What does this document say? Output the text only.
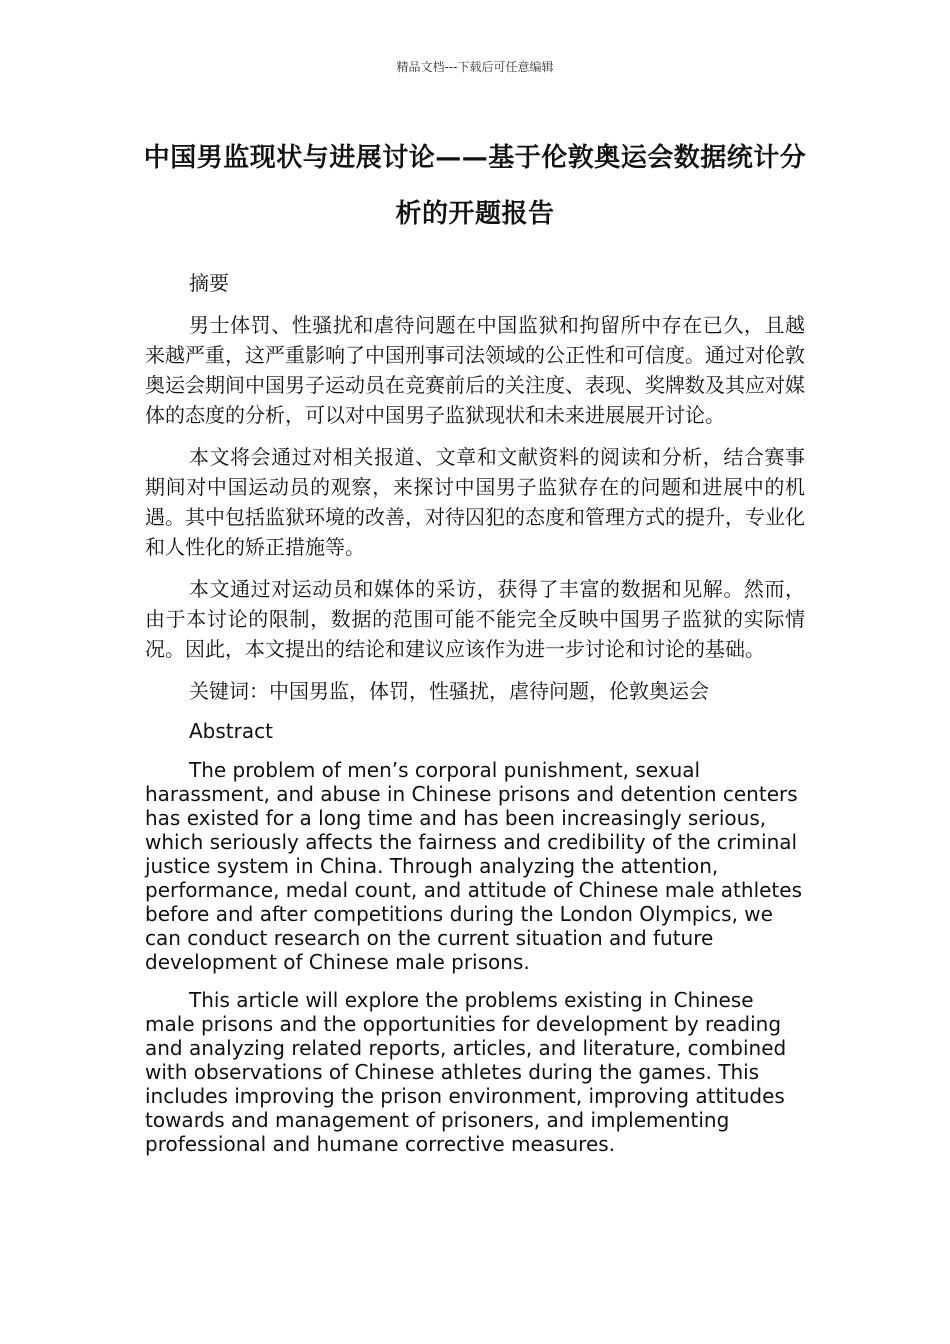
精品文档---下载后可任意编辑
中国男监现状与进展讨论——基于伦敦奥运会数据统计分析的开题报告

摘要

男士体罚、性骚扰和虐待问题在中国监狱和拘留所中存在已久，且越来越严重，这严重影响了中国刑事司法领域的公正性和可信度。通过对伦敦奥运会期间中国男子运动员在竞赛前后的关注度、表现、奖牌数及其应对媒体的态度的分析，可以对中国男子监狱现状和未来进展展开讨论。

本文将会通过对相关报道、文章和文献资料的阅读和分析，结合赛事期间对中国运动员的观察，来探讨中国男子监狱存在的问题和进展中的机遇。其中包括监狱环境的改善，对待囚犯的态度和管理方式的提升，专业化和人性化的矫正措施等。

本文通过对运动员和媒体的采访，获得了丰富的数据和见解。然而，由于本讨论的限制，数据的范围可能不能完全反映中国男子监狱的实际情况。因此，本文提出的结论和建议应该作为进一步讨论和讨论的基础。

关键词：中国男监，体罚，性骚扰，虐待问题，伦敦奥运会

Abstract

The problem of men’s corporal punishment, sexual harassment, and abuse in Chinese prisons and detention centers has existed for a long time and has been increasingly serious, which seriously affects the fairness and credibility of the criminal justice system in China. Through analyzing the attention, performance, medal count, and attitude of Chinese male athletes before and after competitions during the London Olympics, we can conduct research on the current situation and future development of Chinese male prisons.

This article will explore the problems existing in Chinese male prisons and the opportunities for development by reading and analyzing related reports, articles, and literature, combined with observations of Chinese athletes during the games. This includes improving the prison environment, improving attitudes towards and management of prisoners, and implementing professional and humane corrective measures.
